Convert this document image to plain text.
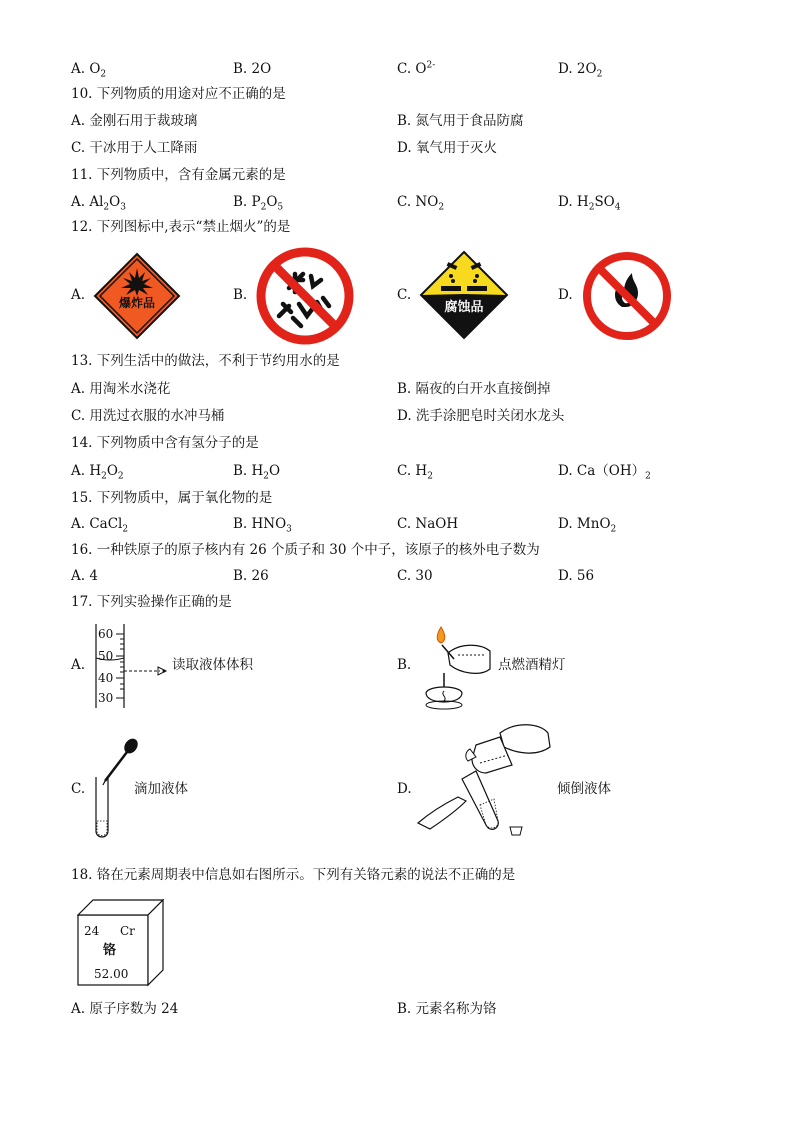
A. $O_2$	B. 2O	C. $O^{2-}$	D. $2O_2$
10. 下列物质的用途对应不正确的是
A. 金刚石用于裁玻璃	B. 氮气用于食品防腐
C. 干冰用于人工降雨	D. 氧气用于灭火
11. 下列物质中，含有金属元素的是
A. $Al_2O_3$	B. $P_2O_5$	C. $NO_2$	D. $H_2SO_4$
12. 下列图标中,表示“禁止烟火”的是
A.	B.	C.	D.
爆炸品	腐蚀品
13. 下列生活中的做法，不利于节约用水的是
A. 用淘米水浇花	B. 隔夜的白开水直接倒掉
C. 用洗过衣服的水冲马桶	D. 洗手涂肥皂时关闭水龙头
14. 下列物质中含有氢分子的是
A. $H_2O_2$	B. $H_2O$	C. $H_2$	D. $Ca(OH)_2$
15. 下列物质中，属于氧化物的是
A. CaCl$_2$	B. $HNO_3$	C. NaOH	D. MnO$_2$
16. 一种铁原子的原子核内有 26 个质子和 30 个中子，该原子的核外电子数为
A. 4	B. 26	C. 30	D. 56
17. 下列实验操作正确的是
A.
60
50
40
30
读取液体体积	B.	点燃酒精灯
C.	滴加液体	D.	倾倒液体
18. 铬在元素周期表中信息如右图所示。下列有关铬元素的说法不正确的是
24 Cr
铬
52.00
A. 原子序数为 24	B. 元素名称为铬
